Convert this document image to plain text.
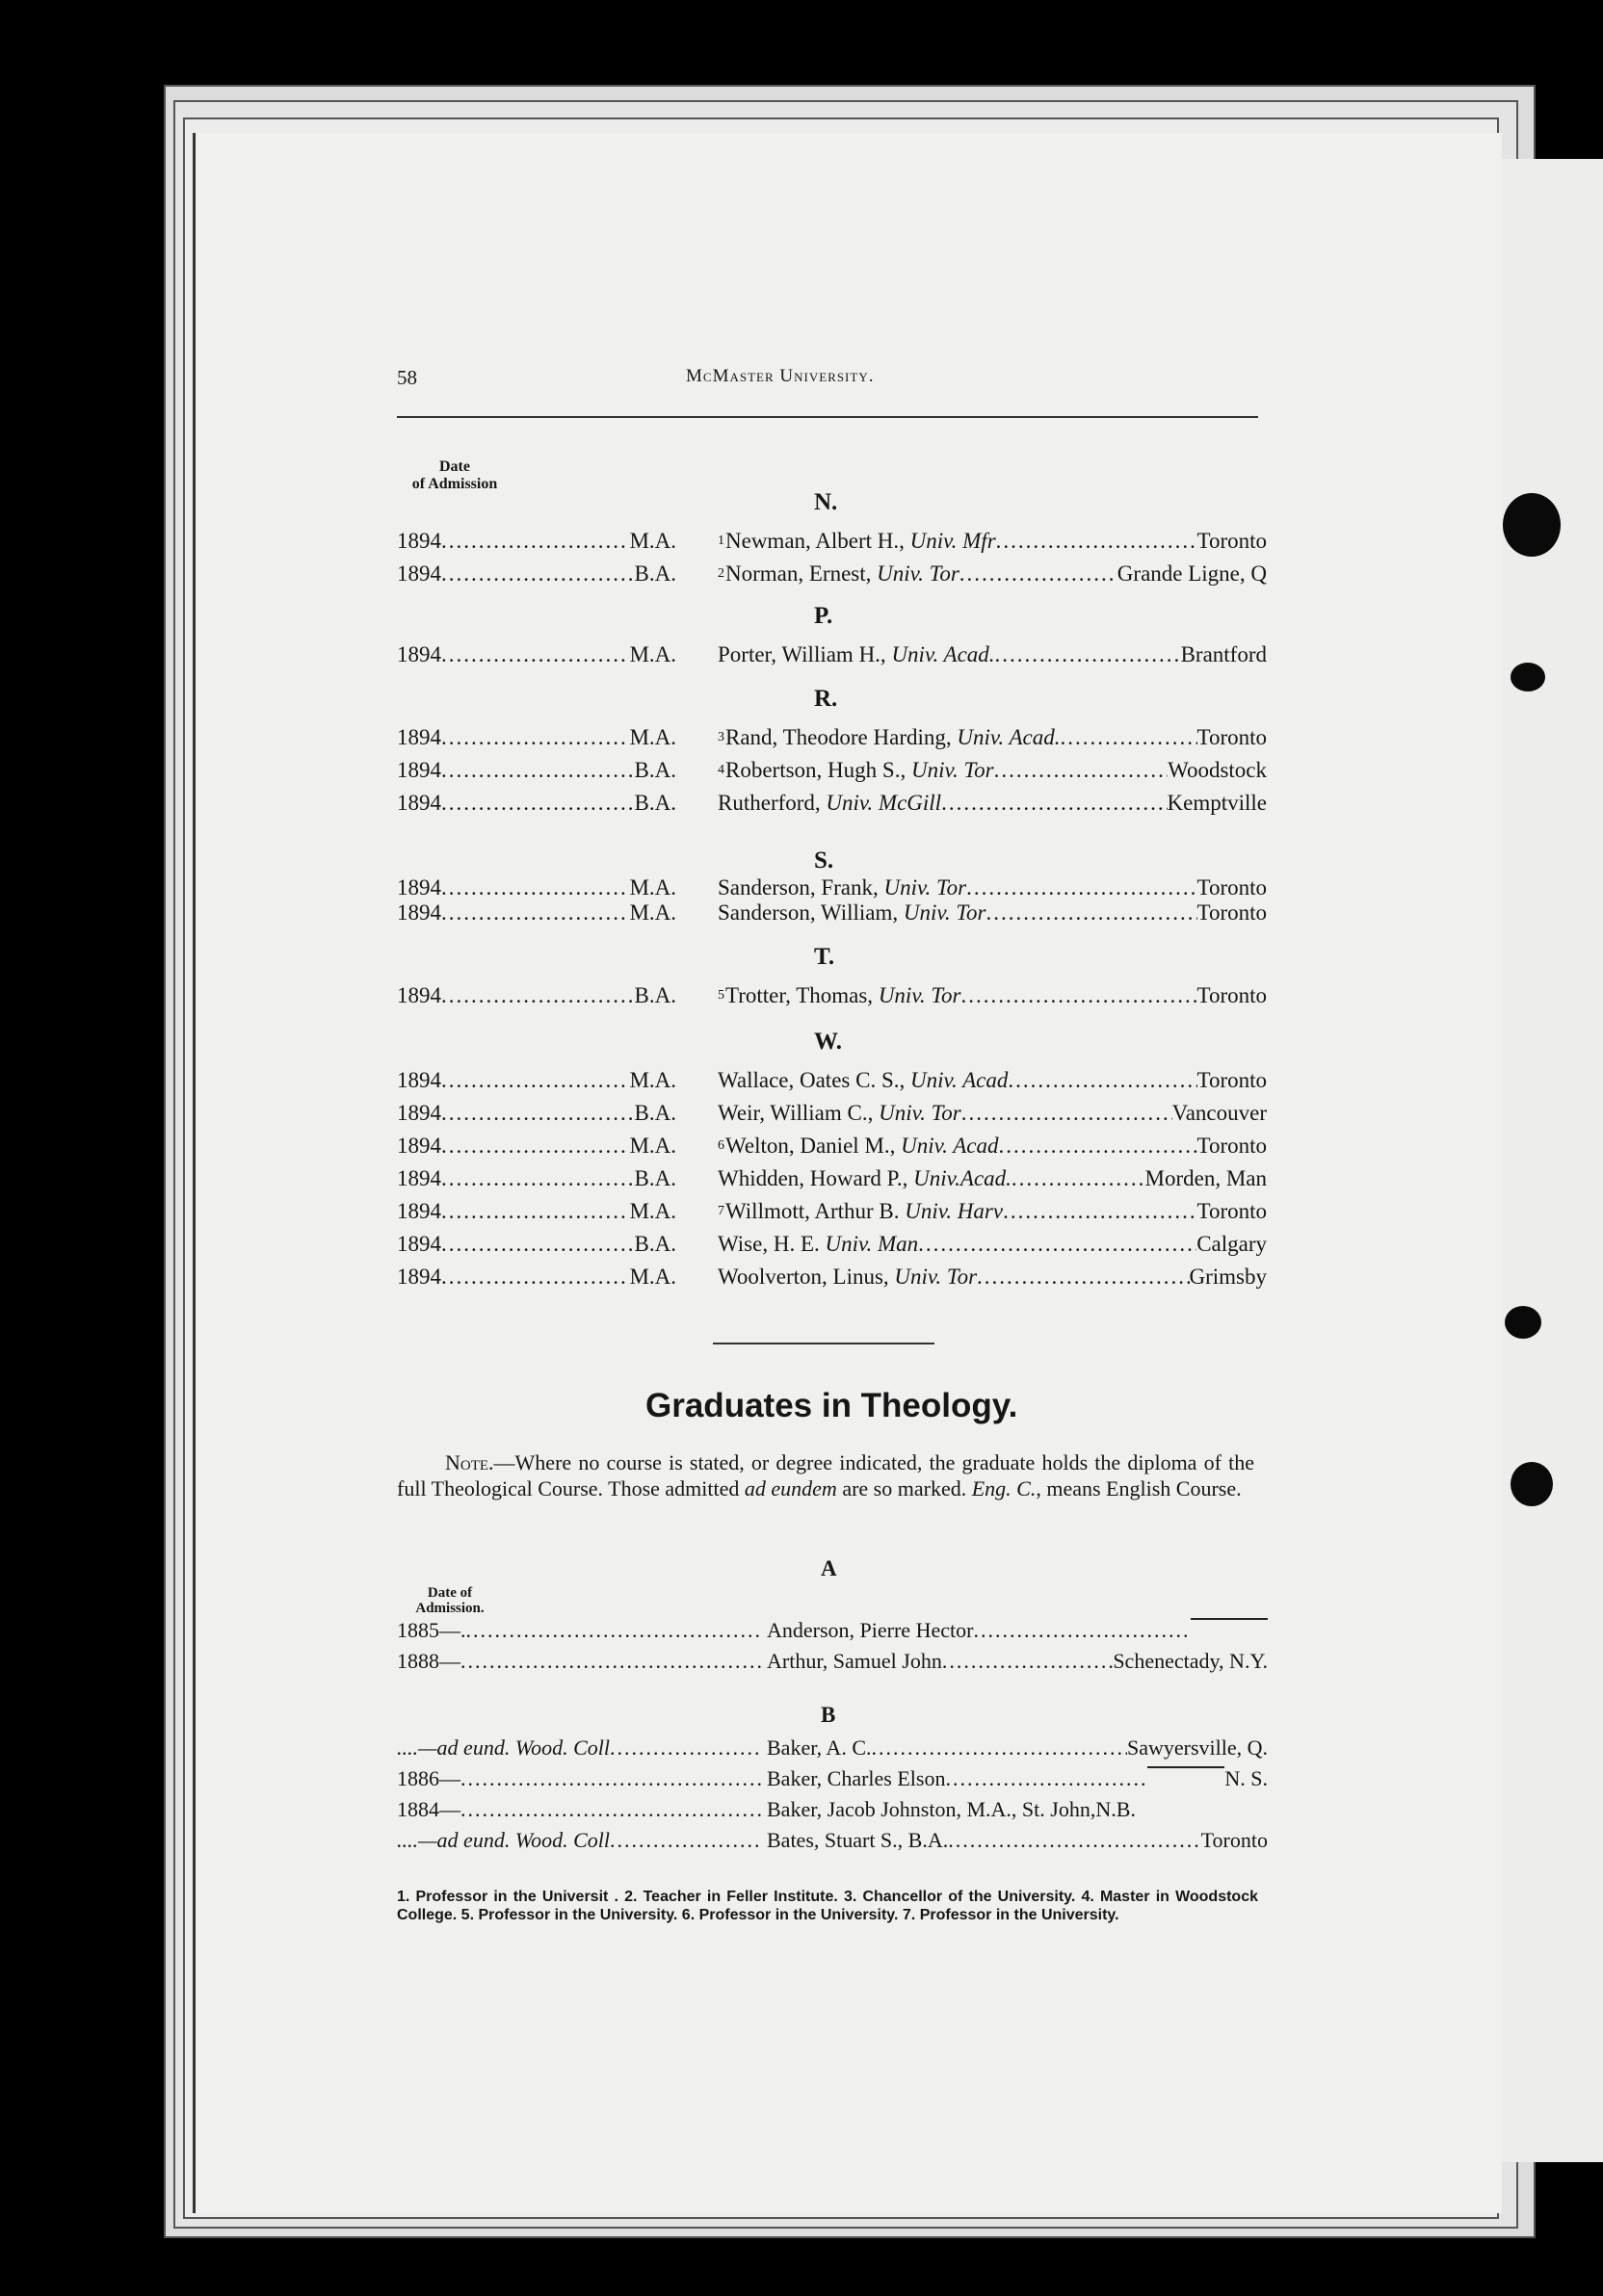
58	McMaster University.
Date
of Admission
N.
1894 .....	M.A.	$^1$Newman, Albert H., Univ. Mfr .....	Toronto
1894 .....	B.A.	$^2$Norman, Ernest, Univ. Tor .....	Grande Ligne, Q
P.
1894 .....	M.A. Porter, William H., Univ. Acad. .....	Brantford
R.
1894 .....	M.A.	$^3$Rand, Theodore Harding, Univ. Acad. .....	Toronto
1894 .....	B.A.	$^4$Robertson, Hugh S., Univ. Tor .....	Woodstock
1894 .....	B.A. Rutherford, Univ. McGill .....	Kemptville
S.
1894 .....	M.A. Sanderson, Frank, Univ. Tor .....	Toronto
1894 .....	M.A. Sanderson, William, Univ. Tor .....	Toronto
T.
1894 .....	B.A.	$^5$Trotter, Thomas, Univ. Tor .....	Toronto
W.
1894 .....	M.A. Wallace, Oates C. S., Univ. Acad .....	Toronto
1894 .....	B.A. Weir, William C., Univ. Tor .....	Vancouver
1894 .....	M.A.	$^6$Welton, Daniel M., Univ. Acad .....	Toronto
1894 .....	B.A. Whidden, Howard P., Univ.Acad. .....	Morden, Man
1894 .....	M.A.	$^7$Willmott, Arthur B. Univ. Harv .....	Toronto
1894 .....	B.A. Wise, H. E. Univ. Man .....	Calgary
1894 .....	M.A. Woolverton, Linus, Univ. Tor .....	Grimsby
Graduates in Theology.
Note.—Where no course is stated, or degree indicated, the graduate holds the diploma of the full Theological Course. Those admitted ad eundem are so marked. Eng. C., means English Course.
Date of
Admission.
A
1885—. .....	Anderson, Pierre Hector
.....
1888— .....	Arthur, Samuel John .....	Schenectady, N.Y.
B
....—ad eund. Wood. Coll .....	Baker, A. C. .....	Sawyersville, Q.
1886— .....	Baker, Charles Elson .....	N. S.
1884— .....	Baker, Jacob Johnston, M.A., St. John,N.B.
....—ad eund. Wood. Coll .....	Bates, Stuart S., B.A. .....	Toronto
1. Professor in the Universit . 2. Teacher in Feller Institute. 3. Chancellor of the University. 4. Master in Woodstock College. 5. Professor in the University. 6. Professor in the University. 7. Professor in the University.
